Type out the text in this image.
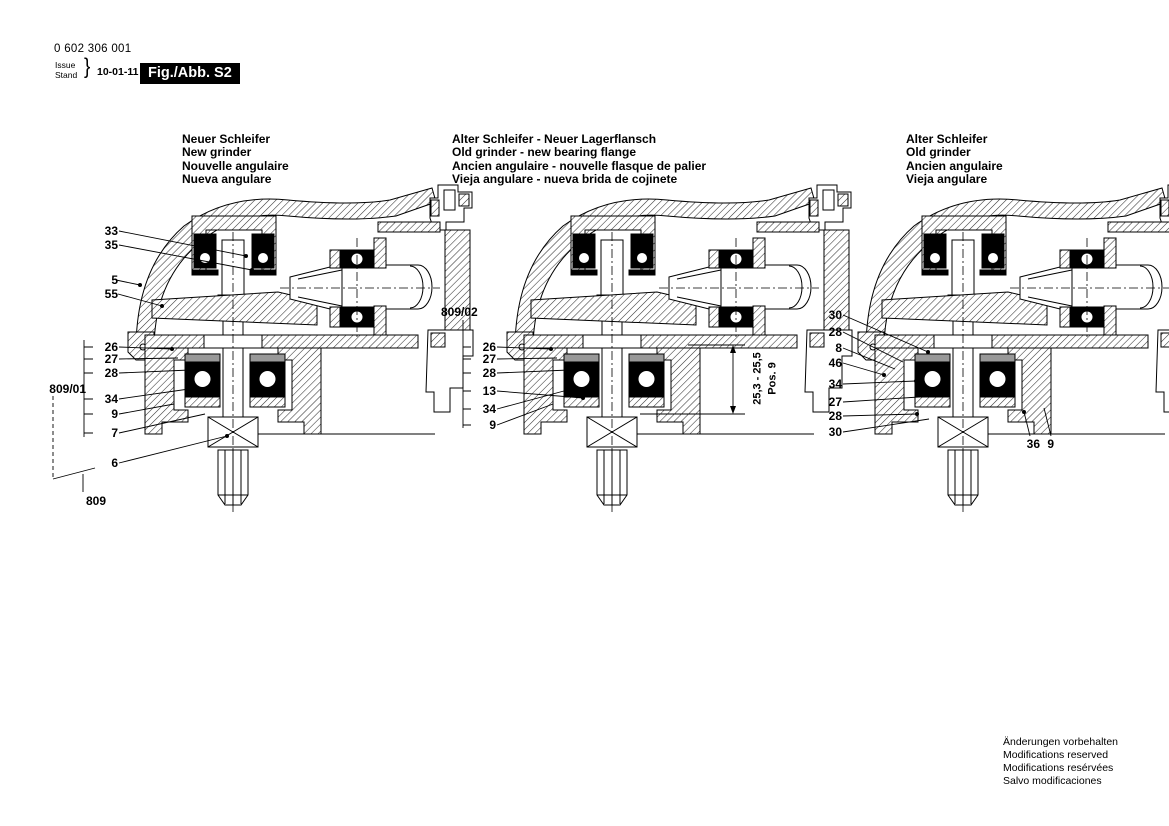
0 602 306 001
Issue
Stand } 10-01-11 Fig./Abb. S2
Neuer Schleifer
New grinder
Nouvelle angulaire
Nueva angulare
Alter Schleifer - Neuer Lagerflansch
Old grinder - new bearing flange
Ancien angulaire - nouvelle flasque de palier
Vieja angulare - nueva brida de cojinete
Alter Schleifer
Old grinder
Ancien angulaire
Vieja angulare
33
35
5
55
26
27
28
34
9
7
6
809/01
809
809/02
26
27
28
13
34
9
25,3 - 25,5 Pos. 9
30
28
8
46
34
27
28
30
36 9
Änderungen vorbehalten
Modifications reserved
Modifications resérvées
Salvo modificaciones
